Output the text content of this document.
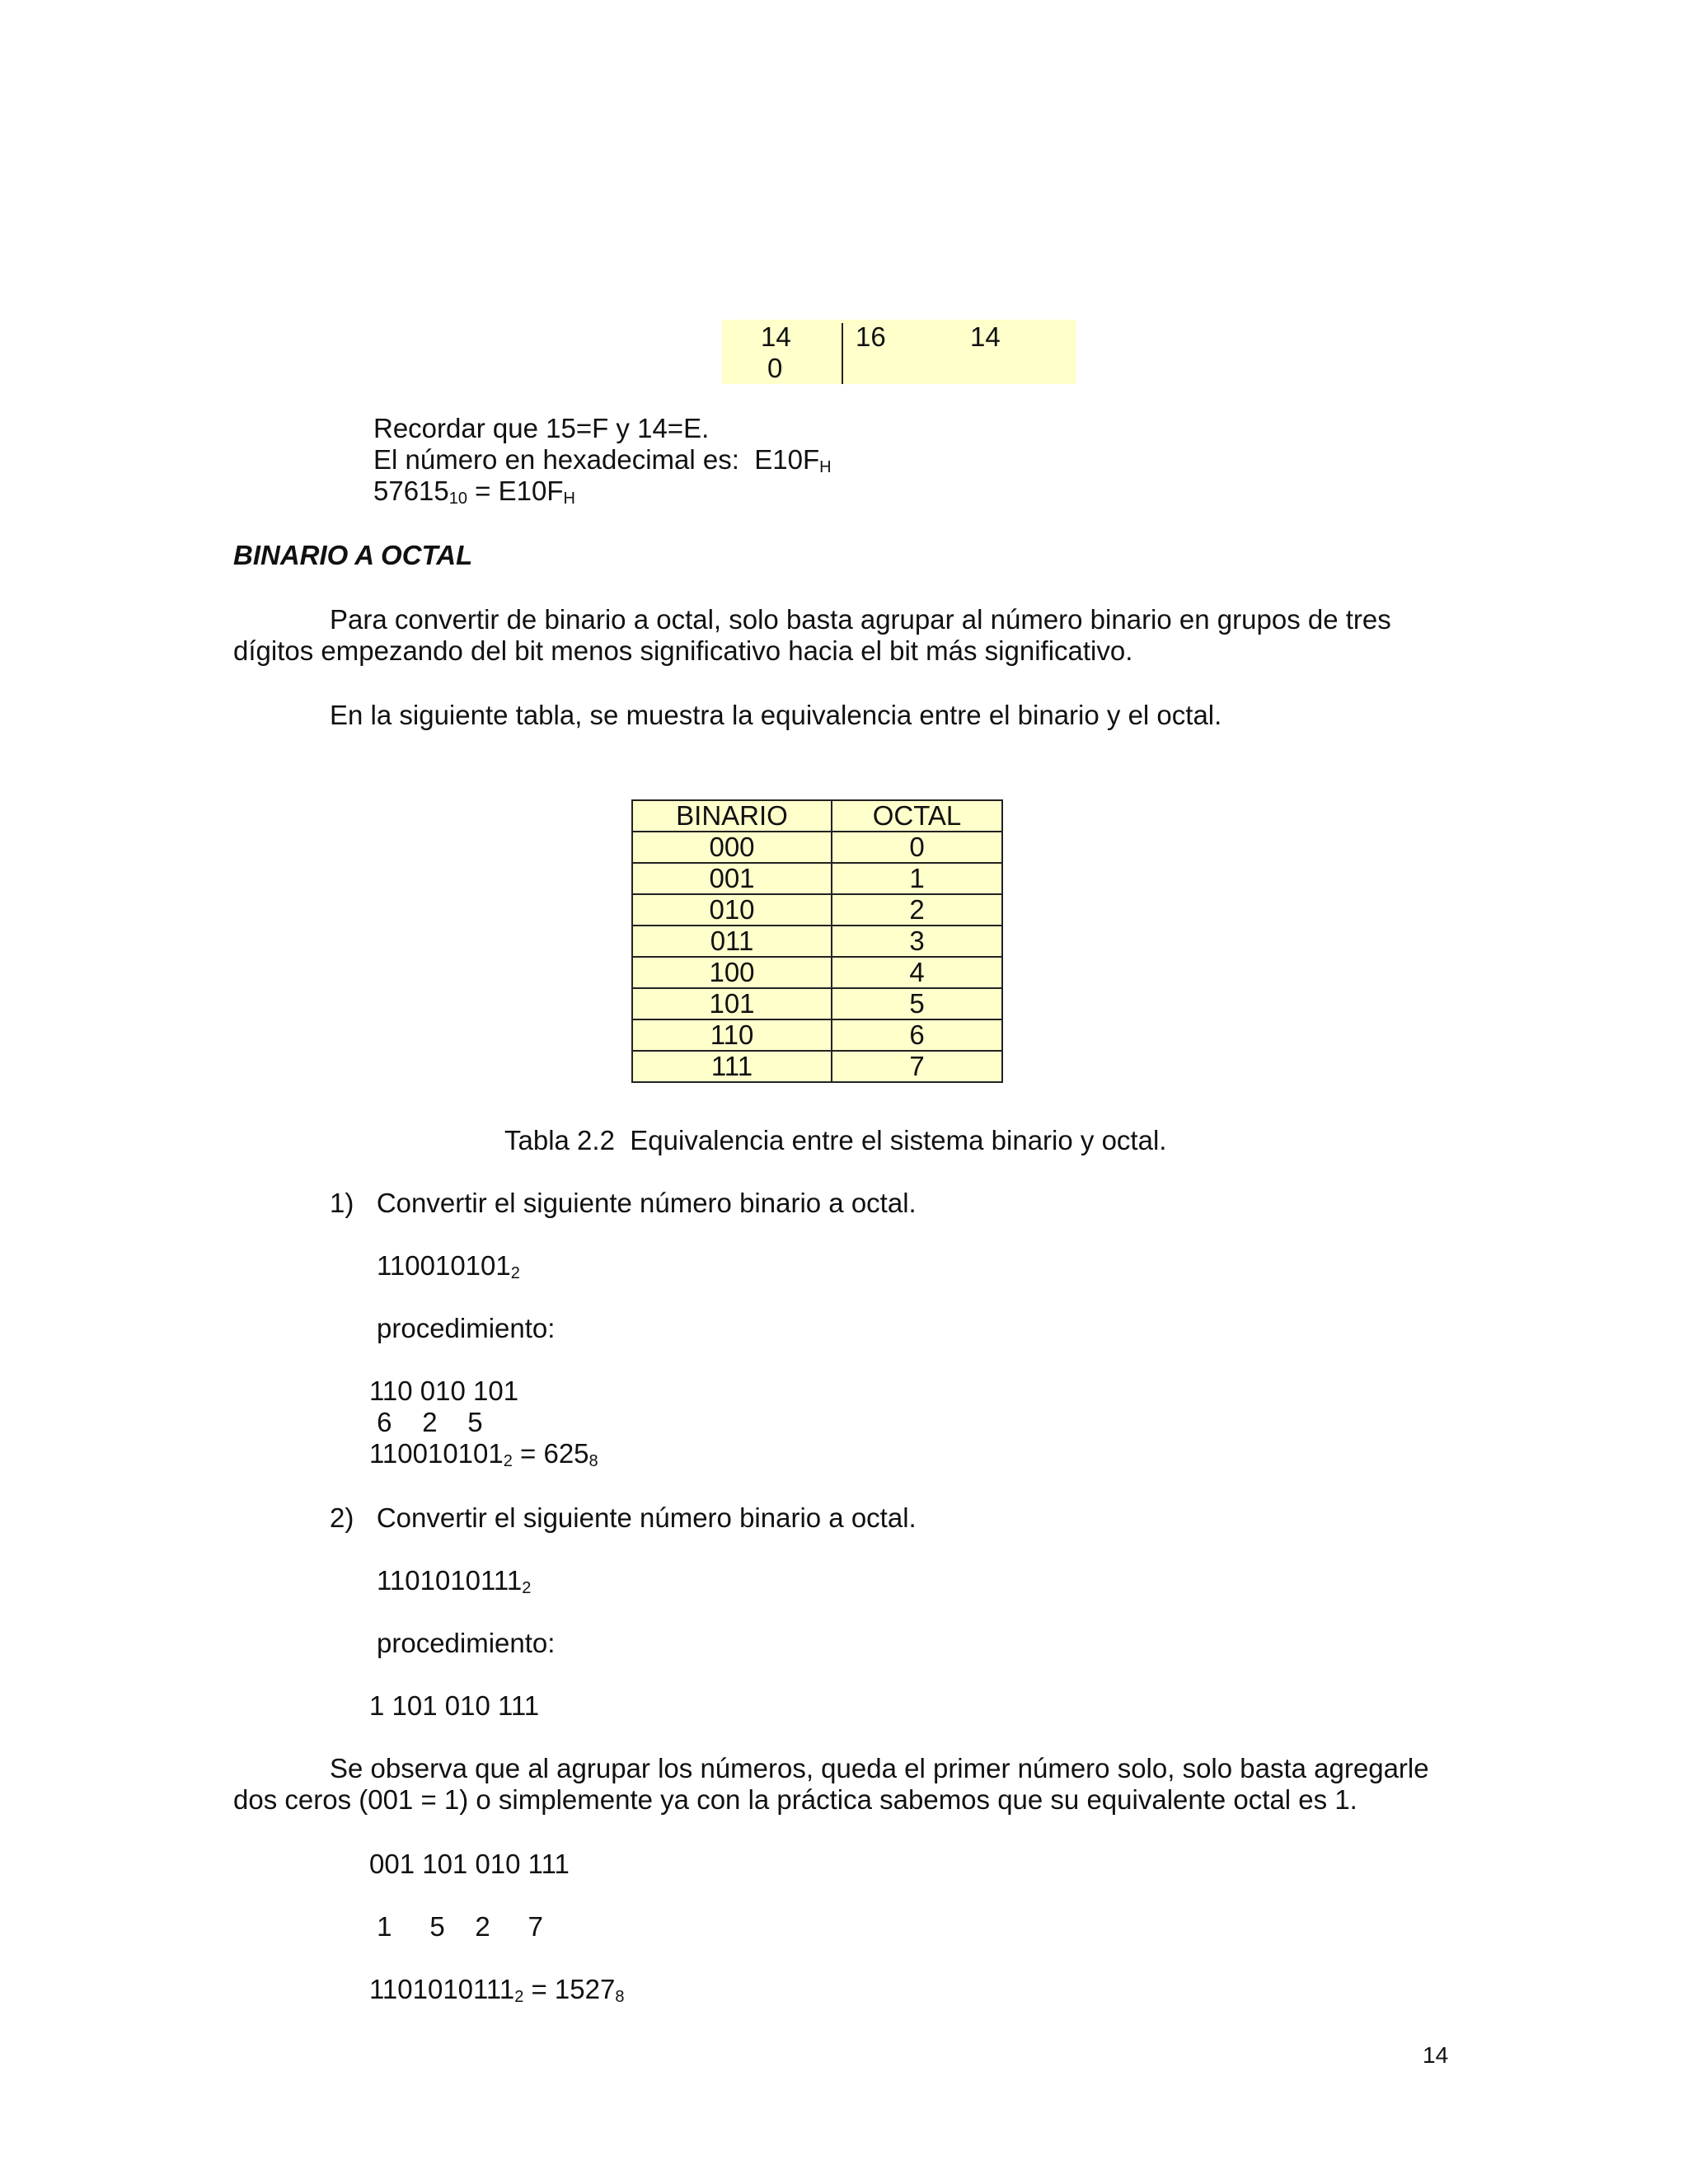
14
0
16	14
Recordar que 15=F y 14=E.
El número en hexadecimal es:  $E10F_H$
$57615_{10} = E10F_H$
BINARIO A OCTAL
Para convertir de binario a octal, solo basta agrupar al número binario en grupos de tres
dígitos empezando del bit menos significativo hacia el bit más significativo.
En la siguiente tabla, se muestra la equivalencia entre el binario y el octal.
BINARIO	OCTAL
000	0
001	1
010	2
011	3
100	4
101	5
110	6
111	7
Tabla 2.2  Equivalencia entre el sistema binario y octal.
1)   Convertir el siguiente número binario a octal.
$110010101_2$
procedimiento:
110 010 101
6    2    5
$110010101_2 = 625_8$
2)   Convertir el siguiente número binario a octal.
$1101010111_2$
procedimiento:
1 101 010 111
Se observa que al agrupar los números, queda el primer número solo, solo basta agregarle
dos ceros (001 = 1) o simplemente ya con la práctica sabemos que su equivalente octal es 1.
001 101 010 111
1     5    2     7
$1101010111_2 = 1527_8$
14
